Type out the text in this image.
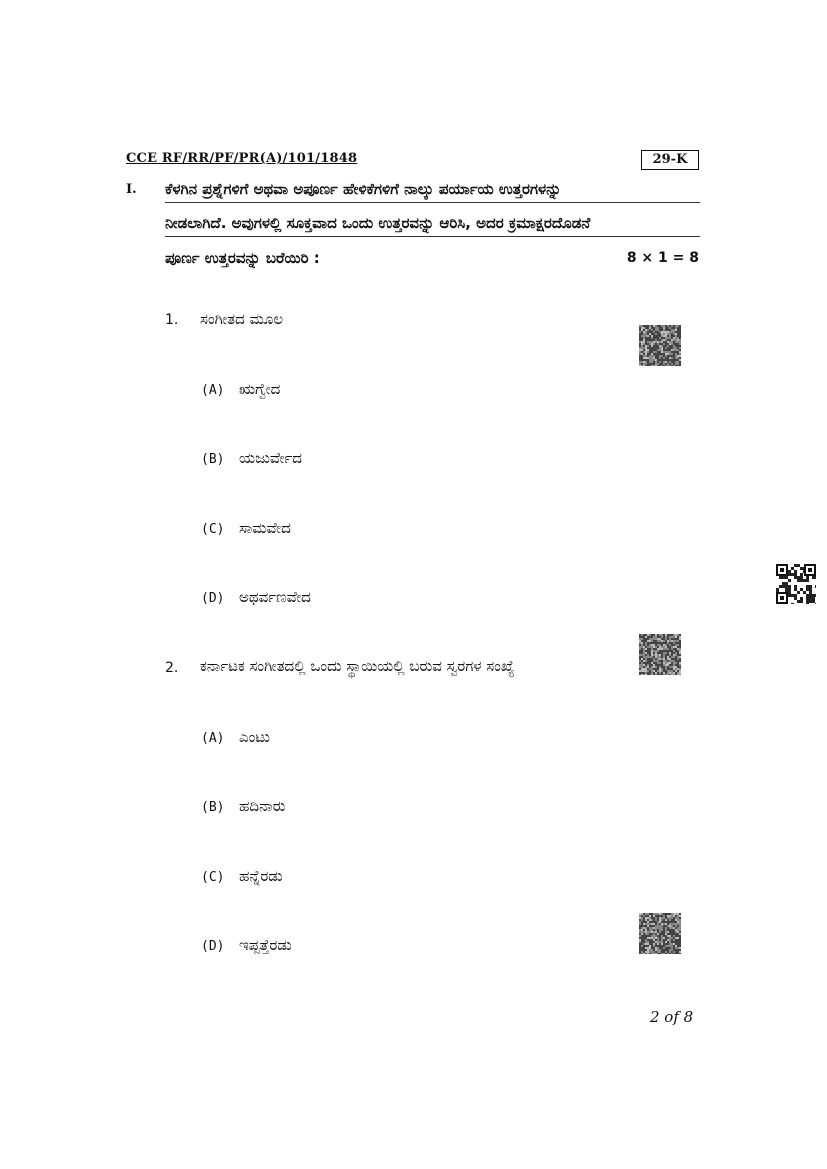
CCE RF/RR/PF/PR(A)/101/1848	29-K
I. ಕೆಳಗಿನ ಪ್ರಶ್ನೆಗಳಿಗೆ ಅಥವಾ ಅಪೂರ್ಣ ಹೇಳಿಕೆಗಳಿಗೆ ನಾಲ್ಕು ಪರ್ಯಾಯ ಉತ್ತರಗಳನ್ನು
ನೀಡಲಾಗಿದೆ. ಅವುಗಳಲ್ಲಿ ಸೂಕ್ತವಾದ ಒಂದು ಉತ್ತರವನ್ನು ಆರಿಸಿ, ಅದರ ಕ್ರಮಾಕ್ಷರದೊಡನೆ
ಪೂರ್ಣ ಉತ್ತರವನ್ನು ಬರೆಯಿರಿ :	8 × 1 = 8
1. ಸಂಗೀತದ ಮೂಲ
(A) ಋಗ್ವೇದ
(B) ಯಜುರ್ವೇದ
(C) ಸಾಮವೇದ
(D) ಅಥರ್ವಣವೇದ
2. ಕರ್ನಾಟಕ ಸಂಗೀತದಲ್ಲಿ ಒಂದು ಸ್ಥಾಯಿಯಲ್ಲಿ ಬರುವ ಸ್ವರಗಳ ಸಂಖ್ಯೆ
(A) ಎಂಟು
(B) ಹದಿನಾರು
(C) ಹನ್ನೆರಡು
(D) ಇಪ್ಪತ್ತೆರಡು
2 of 8
